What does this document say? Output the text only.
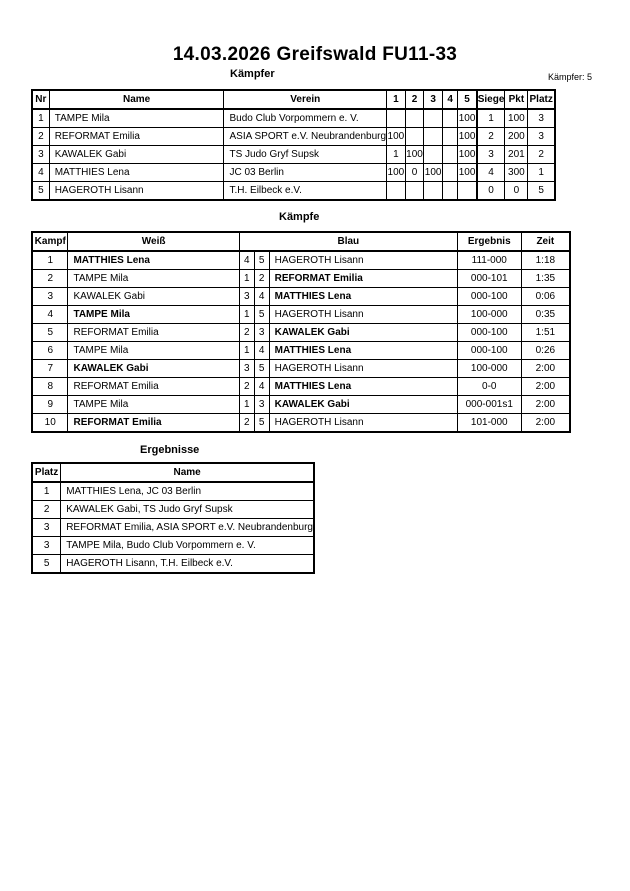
14.03.2026 Greifswald FU11-33
Kämpfer	Kämpfer: 5
Nr	Name	Verein	1	2	3	4	5	Siege	Pkt	Platz
1	TAMPE Mila	Budo Club Vorpommern e. V.					100	1	100	3
2	REFORMAT Emilia	ASIA SPORT e.V. Neubrandenburg	100				100	2	200	3
3	KAWALEK Gabi	TS Judo Gryf Supsk	1	100			100	3	201	2
4	MATTHIES Lena	JC 03 Berlin	100	0	100		100	4	300	1
5	HAGEROTH Lisann	T.H. Eilbeck e.V.						0	0	5
Kämpfe
Kampf	Weiß	Blau			Ergebnis	Zeit
1	MATTHIES Lena	4	5	HAGEROTH Lisann	111-000	1:18
2	TAMPE Mila	1	2	REFORMAT Emilia	000-101	1:35
3	KAWALEK Gabi	3	4	MATTHIES Lena	000-100	0:06
4	TAMPE Mila	1	5	HAGEROTH Lisann	100-000	0:35
5	REFORMAT Emilia	2	3	KAWALEK Gabi	000-100	1:51
6	TAMPE Mila	1	4	MATTHIES Lena	000-100	0:26
7	KAWALEK Gabi	3	5	HAGEROTH Lisann	100-000	2:00
8	REFORMAT Emilia	2	4	MATTHIES Lena	0-0	2:00
9	TAMPE Mila	1	3	KAWALEK Gabi	000-001s1	2:00
10	REFORMAT Emilia	2	5	HAGEROTH Lisann	101-000	2:00
Ergebnisse
Platz	Name
1	MATTHIES Lena, JC 03 Berlin
2	KAWALEK Gabi, TS Judo Gryf Supsk
3	REFORMAT Emilia, ASIA SPORT e.V. Neubrandenburg
3	TAMPE Mila, Budo Club Vorpommern e. V.
5	HAGEROTH Lisann, T.H. Eilbeck e.V.
